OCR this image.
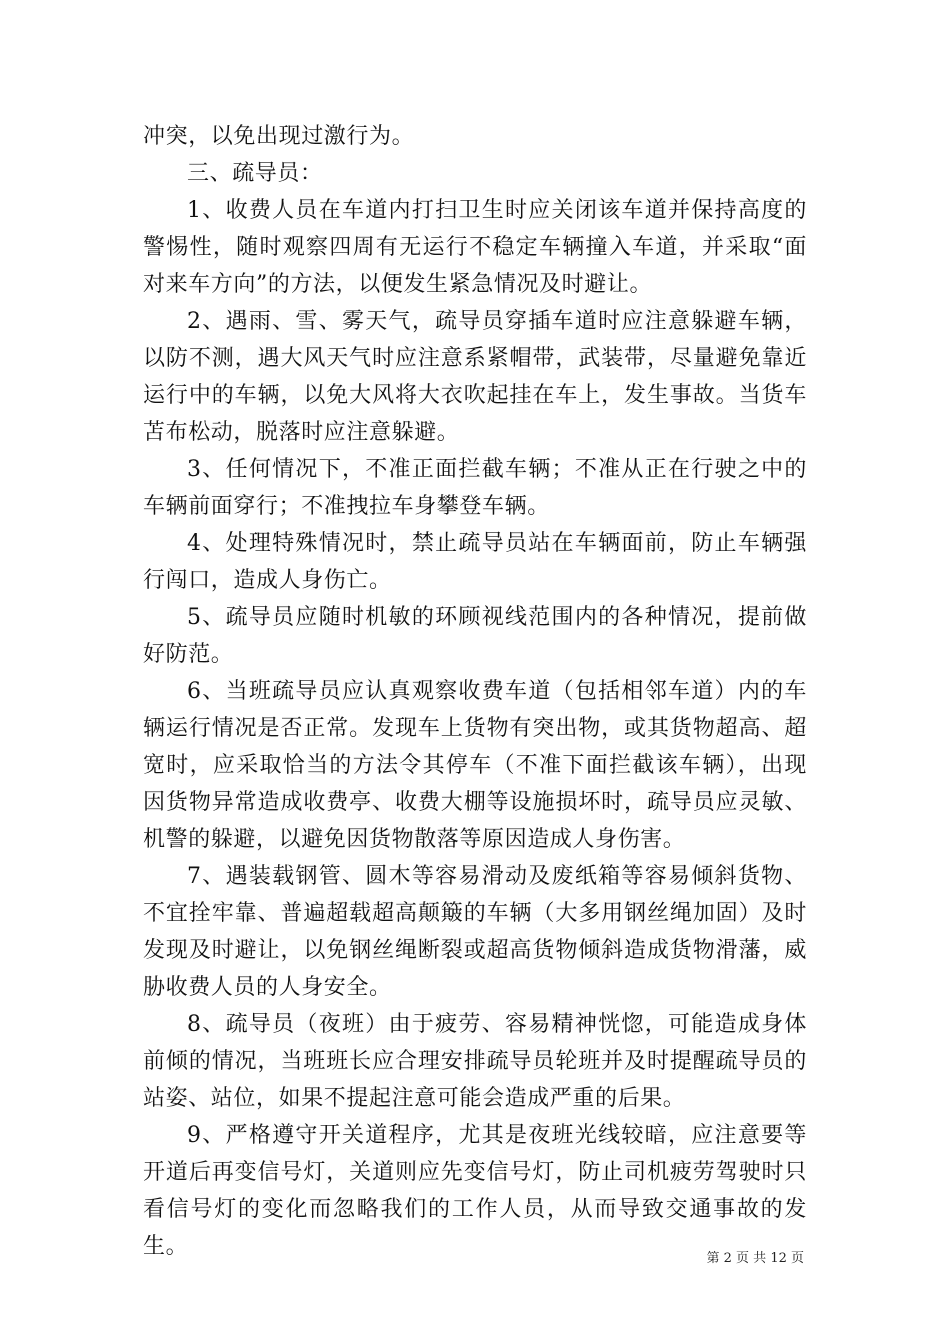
冲突，以免出现过激行为。

三、疏导员：

1、收费人员在车道内打扫卫生时应关闭该车道并保持高度的警惕性，随时观察四周有无运行不稳定车辆撞入车道，并采取“面对来车方向”的方法，以便发生紧急情况及时避让。

2、遇雨、雪、雾天气，疏导员穿插车道时应注意躲避车辆，以防不测，遇大风天气时应注意系紧帽带，武装带，尽量避免靠近运行中的车辆，以免大风将大衣吹起挂在车上，发生事故。当货车苫布松动，脱落时应注意躲避。

3、任何情况下，不准正面拦截车辆；不准从正在行驶之中的车辆前面穿行；不准拽拉车身攀登车辆。

4、处理特殊情况时，禁止疏导员站在车辆面前，防止车辆强行闯口，造成人身伤亡。

5、疏导员应随时机敏的环顾视线范围内的各种情况，提前做好防范。

6、当班疏导员应认真观察收费车道（包括相邻车道）内的车辆运行情况是否正常。发现车上货物有突出物，或其货物超高、超宽时，应采取恰当的方法令其停车（不准下面拦截该车辆），出现因货物异常造成收费亭、收费大棚等设施损坏时，疏导员应灵敏、机警的躲避，以避免因货物散落等原因造成人身伤害。

7、遇装载钢管、圆木等容易滑动及废纸箱等容易倾斜货物、不宜拴牢靠、普遍超载超高颠簸的车辆（大多用钢丝绳加固）及时发现及时避让，以免钢丝绳断裂或超高货物倾斜造成货物滑藩，威胁收费人员的人身安全。

8、疏导员（夜班）由于疲劳、容易精神恍惚，可能造成身体前倾的情况，当班班长应合理安排疏导员轮班并及时提醒疏导员的站姿、站位，如果不提起注意可能会造成严重的后果。

9、严格遵守开关道程序，尤其是夜班光线较暗，应注意要等开道后再变信号灯，关道则应先变信号灯，防止司机疲劳驾驶时只看信号灯的变化而忽略我们的工作人员，从而导致交通事故的发生。	第 2 页 共 12 页
